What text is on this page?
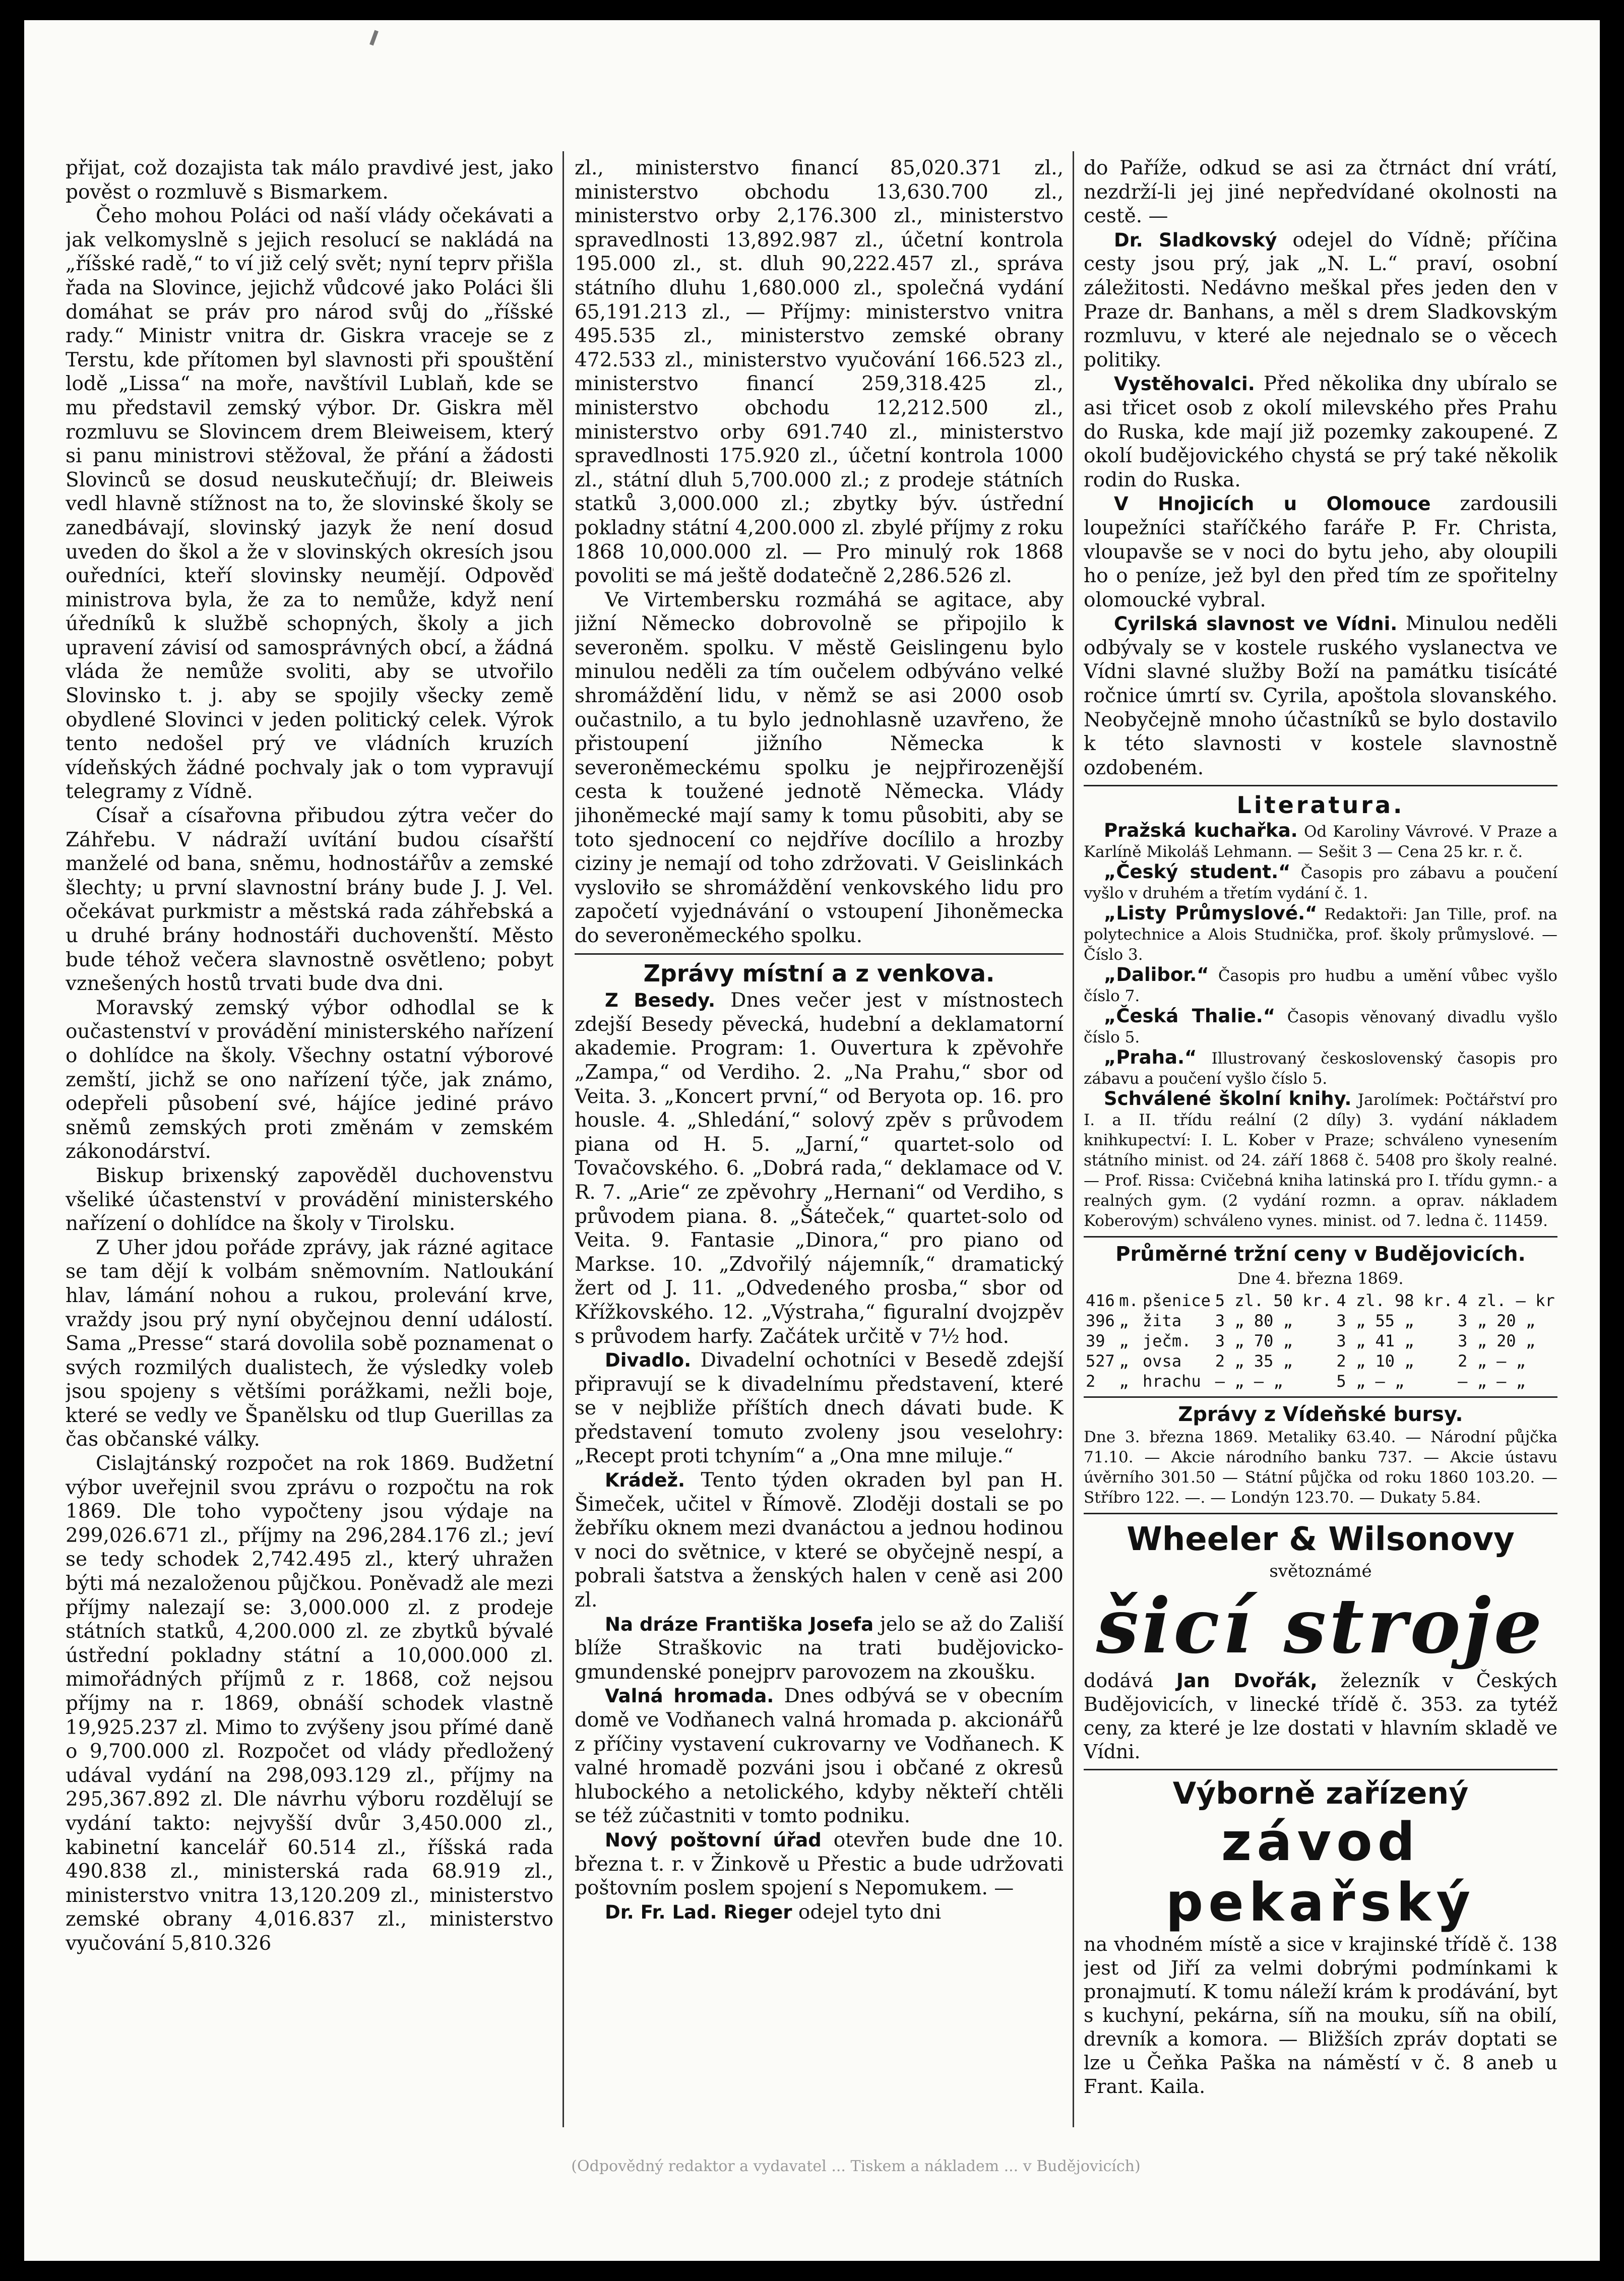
přijat, což dozajista tak málo pravdivé jest, jako pověst o rozmluvě s Bismarkem.

Čeho mohou Poláci od naší vlády očekávati a jak velkomyslně s jejich resolucí se nakládá na „říšské radě,“ to ví již celý svět; nyní teprv přišla řada na Slovince, jejichž vůdcové jako Poláci šli domáhat se práv pro národ svůj do „říšské rady.“ Ministr vnitra dr. Giskra vraceje se z Terstu, kde přítomen byl slavnosti při spouštění lodě „Lissa“ na moře, navštívil Lublaň, kde se mu představil zemský výbor. Dr. Giskra měl rozmluvu se Slovincem drem Bleiweisem, který si panu ministrovi stěžoval, že přání a žádosti Slovinců se dosud neuskutečňují; dr. Bleiweis vedl hlavně stížnost na to, že slovinské školy se zanedbávají, slovinský jazyk že není dosud uveden do škol a že v slovinských okresích jsou ouředníci, kteří slovinsky neumějí. Odpověď ministrova byla, že za to nemůže, když není úředníků k službě schopných, školy a jich upravení závisí od samosprávných obcí, a žádná vláda že nemůže svoliti, aby se utvořilo Slovinsko t. j. aby se spojily všecky země obydlené Slovinci v jeden politický celek. Výrok tento nedošel prý ve vládních kruzích vídeňských žádné pochvaly jak o tom vypravují telegramy z Vídně.

Císař a císařovna přibudou zýtra večer do Záhřebu. V nádraží uvítání budou císařští manželé od bana, sněmu, hodnostářův a zemské šlechty; u první slavnostní brány bude J. J. Vel. očekávat purkmistr a městská rada záhřebská a u druhé brány hodnostáři duchovenští. Město bude téhož večera slavnostně osvětleno; pobyt vznešených hostů trvati bude dva dni.

Moravský zemský výbor odhodlal se k oučastenství v provádění ministerského nařízení o dohlídce na školy. Všechny ostatní výborové zemští, jichž se ono nařízení týče, jak známo, odepřeli působení své, hájíce jediné právo sněmů zemských proti změnám v zemském zákonodárství.

Biskup brixenský zapověděl duchovenstvu všeliké účastenství v provádění ministerského nařízení o dohlídce na školy v Tirolsku.

Z Uher jdou pořáde zprávy, jak rázné agitace se tam dějí k volbám sněmovním. Natloukání hlav, lámání nohou a rukou, prolevání krve, vraždy jsou prý nyní obyčejnou denní událostí. Sama „Presse“ stará dovolila sobě poznamenat o svých rozmilých dualistech, že výsledky voleb jsou spojeny s většími porážkami, nežli boje, které se vedly ve Španělsku od tlup Guerillas za čas občanské války.

Cislajtánský rozpočet na rok 1869. Budžetní výbor uveřejnil svou zprávu o rozpočtu na rok 1869. Dle toho vypočteny jsou výdaje na 299,026.671 zl., příjmy na 296,284.176 zl.; jeví se tedy schodek 2,742.495 zl., který uhražen býti má nezaloženou půjčkou. Poněvadž ale mezi příjmy nalezají se: 3,000.000 zl. z prodeje státních statků, 4,200.000 zl. ze zbytků bývalé ústřední pokladny státní a 10,000.000 zl. mimořádných příjmů z r. 1868, což nejsou příjmy na r. 1869, obnáší schodek vlastně 19,925.237 zl. Mimo to zvýšeny jsou přímé daně o 9,700.000 zl. Rozpočet od vlády předložený udával vydání na 298,093.129 zl., příjmy na 295,367.892 zl. Dle návrhu výboru rozdělují se vydání takto: nejvyšší dvůr 3,450.000 zl., kabinetní kancelář 60.514 zl., říšská rada 490.838 zl., ministerská rada 68.919 zl., ministerstvo vnitra 13,120.209 zl., ministerstvo zemské obrany 4,016.837 zl., ministerstvo vyučování 5,810.326

zl., ministerstvo financí 85,020.371 zl., ministerstvo obchodu 13,630.700 zl., ministerstvo orby 2,176.300 zl., ministerstvo spravedlnosti 13,892.987 zl., účetní kontrola 195.000 zl., st. dluh 90,222.457 zl., správa státního dluhu 1,680.000 zl., společná vydání 65,191.213 zl., — Příjmy: ministerstvo vnitra 495.535 zl., ministerstvo zemské obrany 472.533 zl., ministerstvo vyučování 166.523 zl., ministerstvo financí 259,318.425 zl., ministerstvo obchodu 12,212.500 zl., ministerstvo orby 691.740 zl., ministerstvo spravedlnosti 175.920 zl., účetní kontrola 1000 zl., státní dluh 5,700.000 zl.; z prodeje státních statků 3,000.000 zl.; zbytky býv. ústřední pokladny státní 4,200.000 zl. zbylé příjmy z roku 1868 10,000.000 zl. — Pro minulý rok 1868 povoliti se má ještě dodatečně 2,286.526 zl.

Ve Virtembersku rozmáhá se agitace, aby jižní Německo dobrovolně se připojilo k severoněm. spolku. V městě Geislingenu bylo minulou neděli za tím oučelem odbýváno velké shromáždění lidu, v němž se asi 2000 osob oučastnilo, a tu bylo jednohlasně uzavřeno, že přistoupení jižního Německa k severoněmeckému spolku je nejpřirozenější cesta k toužené jednotě Německa. Vlády jihoněmecké mají samy k tomu působiti, aby se toto sjednocení co nejdříve docílilo a hrozby ciziny je nemají od toho zdržovati. V Geislinkách vysloviło se shromáždění venkovského lidu pro započetí vyjednávání o vstoupení Jihoněmecka do severoněmeckého spolku.

Zprávy místní a z venkova.

Z Besedy. Dnes večer jest v místnostech zdejší Besedy pěvecká, hudební a deklamatorní akademie. Program: 1. Ouvertura k zpěvohře „Zampa,“ od Verdiho. 2. „Na Prahu,“ sbor od Veita. 3. „Koncert první,“ od Beryota op. 16. pro housle. 4. „Shledání,“ solový zpěv s průvodem piana od H. 5. „Jarní,“ quartet-solo od Tovačovského. 6. „Dobrá rada,“ deklamace od V. R. 7. „Arie“ ze zpěvohry „Hernani“ od Verdiho, s průvodem piana. 8. „Šáteček,“ quartet-solo od Veita. 9. Fantasie „Dinora,“ pro piano od Markse. 10. „Zdvořilý nájemník,“ dramatický žert od J. 11. „Odvedeného prosba,“ sbor od Křížkovského. 12. „Výstraha,“ figuralní dvojzpěv s průvodem harfy. Začátek určitě v 7½ hod.

Divadlo. Divadelní ochotníci v Besedě zdejší připravují se k divadelnímu představení, které se v nejbliže příštích dnech dávati bude. K představení tomuto zvoleny jsou veselohry: „Recept proti tchyním“ a „Ona mne miluje.“

Krádež. Tento týden okraden byl pan H. Šimeček, učitel v Římově. Zloději dostali se po žebříku oknem mezi dvanáctou a jednou hodinou v noci do světnice, v které se obyčejně nespí, a pobrali šatstva a ženských halen v ceně asi 200 zl.

Na dráze Františka Josefa jelo se až do Zališí blíže Straškovic na trati budějovicko-gmundenské ponejprv parovozem na zkoušku.

Valná hromada. Dnes odbývá se v obecním domě ve Vodňanech valná hromada p. akcionářů z příčiny vystavení cukrovarny ve Vodňanech. K valné hromadě pozváni jsou i občané z okresů hlubockého a netolického, kdyby někteří chtěli se též zúčastniti v tomto podniku.

Nový poštovní úřad otevřen bude dne 10. března t. r. v Žinkově u Přestic a bude udržovati poštovním poslem spojení s Nepomukem. —

Dr. Fr. Lad. Rieger odejel tyto dni

do Paříže, odkud se asi za čtrnáct dní vrátí, nezdrží-li jej jiné nepředvídané okolnosti na cestě. —

Dr. Sladkovský odejel do Vídně; příčina cesty jsou prý, jak „N. L.“ praví, osobní záležitosti. Nedávno meškal přes jeden den v Praze dr. Banhans, a měl s drem Sladkovským rozmluvu, v které ale nejednalo se o věcech politiky.

Vystěhovalci. Před několika dny ubíralo se asi třicet osob z okolí milevského přes Prahu do Ruska, kde mají již pozemky zakoupené. Z okolí budějovického chystá se prý také několik rodin do Ruska.

V Hnojicích u Olomouce zardousili loupežníci staříčkého faráře P. Fr. Christa, vloupavše se v noci do bytu jeho, aby oloupili ho o peníze, jež byl den před tím ze spořitelny olomoucké vybral.

Cyrilská slavnost ve Vídni. Minulou neděli odbývaly se v kostele ruského vyslanectva ve Vídni slavné služby Boží na památku tisícáté ročnice úmrtí sv. Cyrila, apoštola slovanského. Neobyčejně mnoho účastníků se bylo dostavilo k této slavnosti v kostele slavnostně ozdobeném.

Literatura.

Pražská kuchařka. Od Karoliny Vávrové. V Praze a Karlíně Mikoláš Lehmann. — Sešit 3 — Cena 25 kr. r. č.

„Český student.“ Časopis pro zábavu a poučení vyšlo v druhém a třetím vydání č. 1.

„Listy Průmyslové.“ Redaktoři: Jan Tille, prof. na polytechnice a Alois Studnička, prof. školy průmyslové. — Číslo 3.

„Dalibor.“ Časopis pro hudbu a umění vůbec vyšlo číslo 7.

„Česká Thalie.“ Časopis věnovaný divadlu vyšlo číslo 5.

„Praha.“ Illustrovaný československý časopis pro zábavu a poučení vyšlo číslo 5.

Schválené školní knihy. Jarolímek: Počtářství pro I. a II. třídu reální (2 díly) 3. vydání nákladem knihkupectví: I. L. Kober v Praze; schváleno vynesením státního minist. od 24. září 1868 č. 5408 pro školy realné. — Prof. Rissa: Cvičebná kniha latinská pro I. třídu gymn.- a realných gym. (2 vydání rozmn. a oprav. nákladem Koberovým) schváleno vynes. minist. od 7. ledna č. 11459.

Průměrné tržní ceny v Budějovicích.
Dne 4. března 1869.
416	m.	pšenice	5 zl. 50 kr.	4 zl. 98 kr.	4 zl. — kr
396	„	žita	3 „ 80 „	3 „ 55 „	3 „ 20 „
39	„	ječm.	3 „ 70 „	3 „ 41 „	3 „ 20 „
527	„	ovsa	2 „ 35 „	2 „ 10 „	2 „ — „
2	„	hrachu	— „ — „	5 „ — „	— „ — „
Zprávy z Vídeňské bursy.
Dne 3. března 1869. Metaliky 63.40. — Národní půjčka 71.10. — Akcie národního banku 737. — Akcie ústavu úvěrního 301.50 — Státní půjčka od roku 1860 103.20. — Stříbro 122. —. — Londýn 123.70. — Dukaty 5.84.
Wheeler & Wilsonovy
světoznámé
šicí stroje
dodává Jan Dvořák, železník v Českých Budějovicích, v linecké třídě č. 353. za tytéž ceny, za které je lze dostati v hlavním skladě ve Vídni.
Výborně zařízený
závod pekařský
na vhodném místě a sice v krajinské třídě č. 138 jest od Jiří za velmi dobrými podmínkami k pronajmutí. K tomu náleží krám k prodávání, byt s kuchyní, pekárna, síň na mouku, síň na obilí, drevník a komora. — Bližších zpráv doptati se lze u Čeňka Paška na náměstí v č. 8 aneb u Frant. Kaila.
(Odpovědný redaktor a vydavatel ... Tiskem a nákladem ... v Budějovicích)
